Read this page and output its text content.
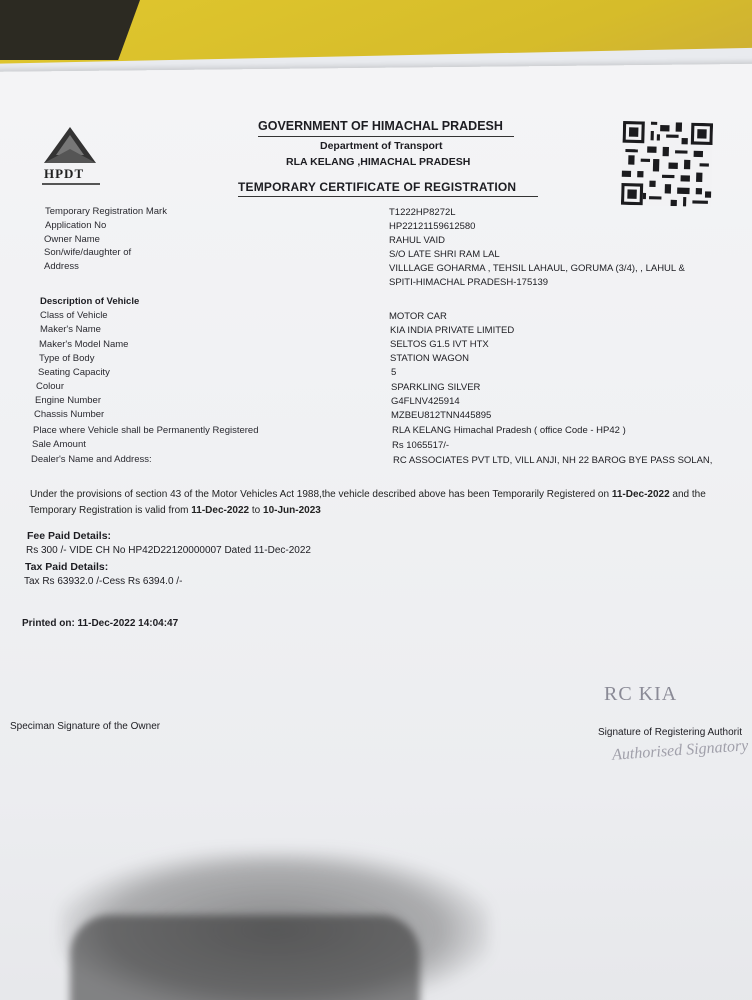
HPDT
GOVERNMENT OF HIMACHAL PRADESH
Department of Transport
RLA KELANG ,HIMACHAL PRADESH
TEMPORARY CERTIFICATE OF REGISTRATION
Temporary Registration Mark	T1222HP8272L
Application No	HP22121159612580
Owner Name	RAHUL VAID
Son/wife/daughter of	S/O LATE SHRI RAM LAL
Address	VILLLAGE GOHARMA , TEHSIL LAHAUL, GORUMA (3/4), , LAHUL &
SPITI-HIMACHAL PRADESH-175139
Description of Vehicle
Class of Vehicle	MOTOR CAR
Maker's Name	KIA INDIA PRIVATE LIMITED
Maker's Model Name	SELTOS G1.5 IVT HTX
Type of Body	STATION WAGON
Seating Capacity	5
Colour	SPARKLING SILVER
Engine Number	G4FLNV425914
Chassis Number	MZBEU812TNN445895
Place where Vehicle shall be Permanently Registered	RLA KELANG Himachal Pradesh ( office Code - HP42 )
Sale Amount	Rs 1065517/-
Dealer's Name and Address:	RC ASSOCIATES PVT LTD, VILL ANJI, NH 22 BAROG BYE PASS SOLAN,
Under the provisions of section 43 of the Motor Vehicles Act 1988,the vehicle described above has been Temporarily Registered on 11-Dec-2022 and the
Temporary Registration is valid from 11-Dec-2022 to 10-Jun-2023
Fee Paid Details:
Rs 300 /- VIDE CH No HP42D22120000007 Dated 11-Dec-2022
Tax Paid Details:
Tax Rs 63932.0 /-Cess Rs 6394.0 /-
Printed on: 11-Dec-2022 14:04:47
Speciman Signature of the Owner
RC KIA
Signature of Registering Authorit
Authorised Signatory
